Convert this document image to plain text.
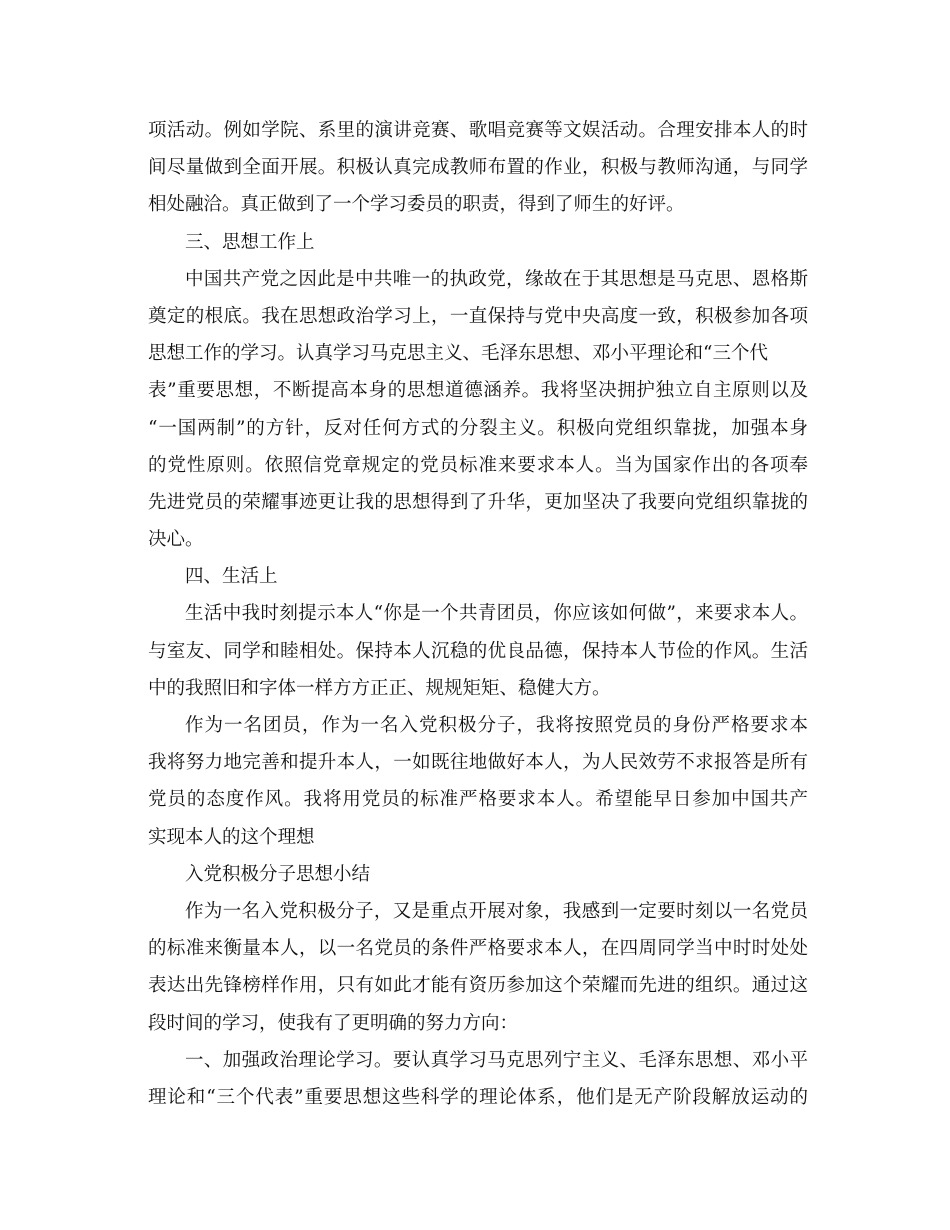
项活动。例如学院、系里的演讲竞赛、歌唱竞赛等文娱活动。合理安排本人的时
间尽量做到全面开展。积极认真完成教师布置的作业，积极与教师沟通，与同学
相处融洽。真正做到了一个学习委员的职责，得到了师生的好评。
三、思想工作上
中国共产党之因此是中共唯一的执政党，缘故在于其思想是马克思、恩格斯
奠定的根底。我在思想政治学习上，一直保持与党中央高度一致，积极参加各项
思想工作的学习。认真学习马克思主义、毛泽东思想、邓小平理论和“三个代
表”重要思想，不断提高本身的思想道德涵养。我将坚决拥护独立自主原则以及
“一国两制”的方针，反对任何方式的分裂主义。积极向党组织靠拢，加强本身
的党性原则。依照信党章规定的党员标准来要求本人。当为国家作出的各项奉
先进党员的荣耀事迹更让我的思想得到了升华，更加坚决了我要向党组织靠拢的
决心。
四、生活上
生活中我时刻提示本人“你是一个共青团员，你应该如何做”，来要求本人。
与室友、同学和睦相处。保持本人沉稳的优良品德，保持本人节俭的作风。生活
中的我照旧和字体一样方方正正、规规矩矩、稳健大方。
作为一名团员，作为一名入党积极分子，我将按照党员的身份严格要求本
我将努力地完善和提升本人，一如既往地做好本人，为人民效劳不求报答是所有
党员的态度作风。我将用党员的标准严格要求本人。希望能早日参加中国共产
实现本人的这个理想
入党积极分子思想小结
作为一名入党积极分子，又是重点开展对象，我感到一定要时刻以一名党员
的标准来衡量本人，以一名党员的条件严格要求本人，在四周同学当中时时处处
表达出先锋榜样作用，只有如此才能有资历参加这个荣耀而先进的组织。通过这
段时间的学习，使我有了更明确的努力方向：
一、加强政治理论学习。要认真学习马克思列宁主义、毛泽东思想、邓小平
理论和“三个代表”重要思想这些科学的理论体系，他们是无产阶段解放运动的
